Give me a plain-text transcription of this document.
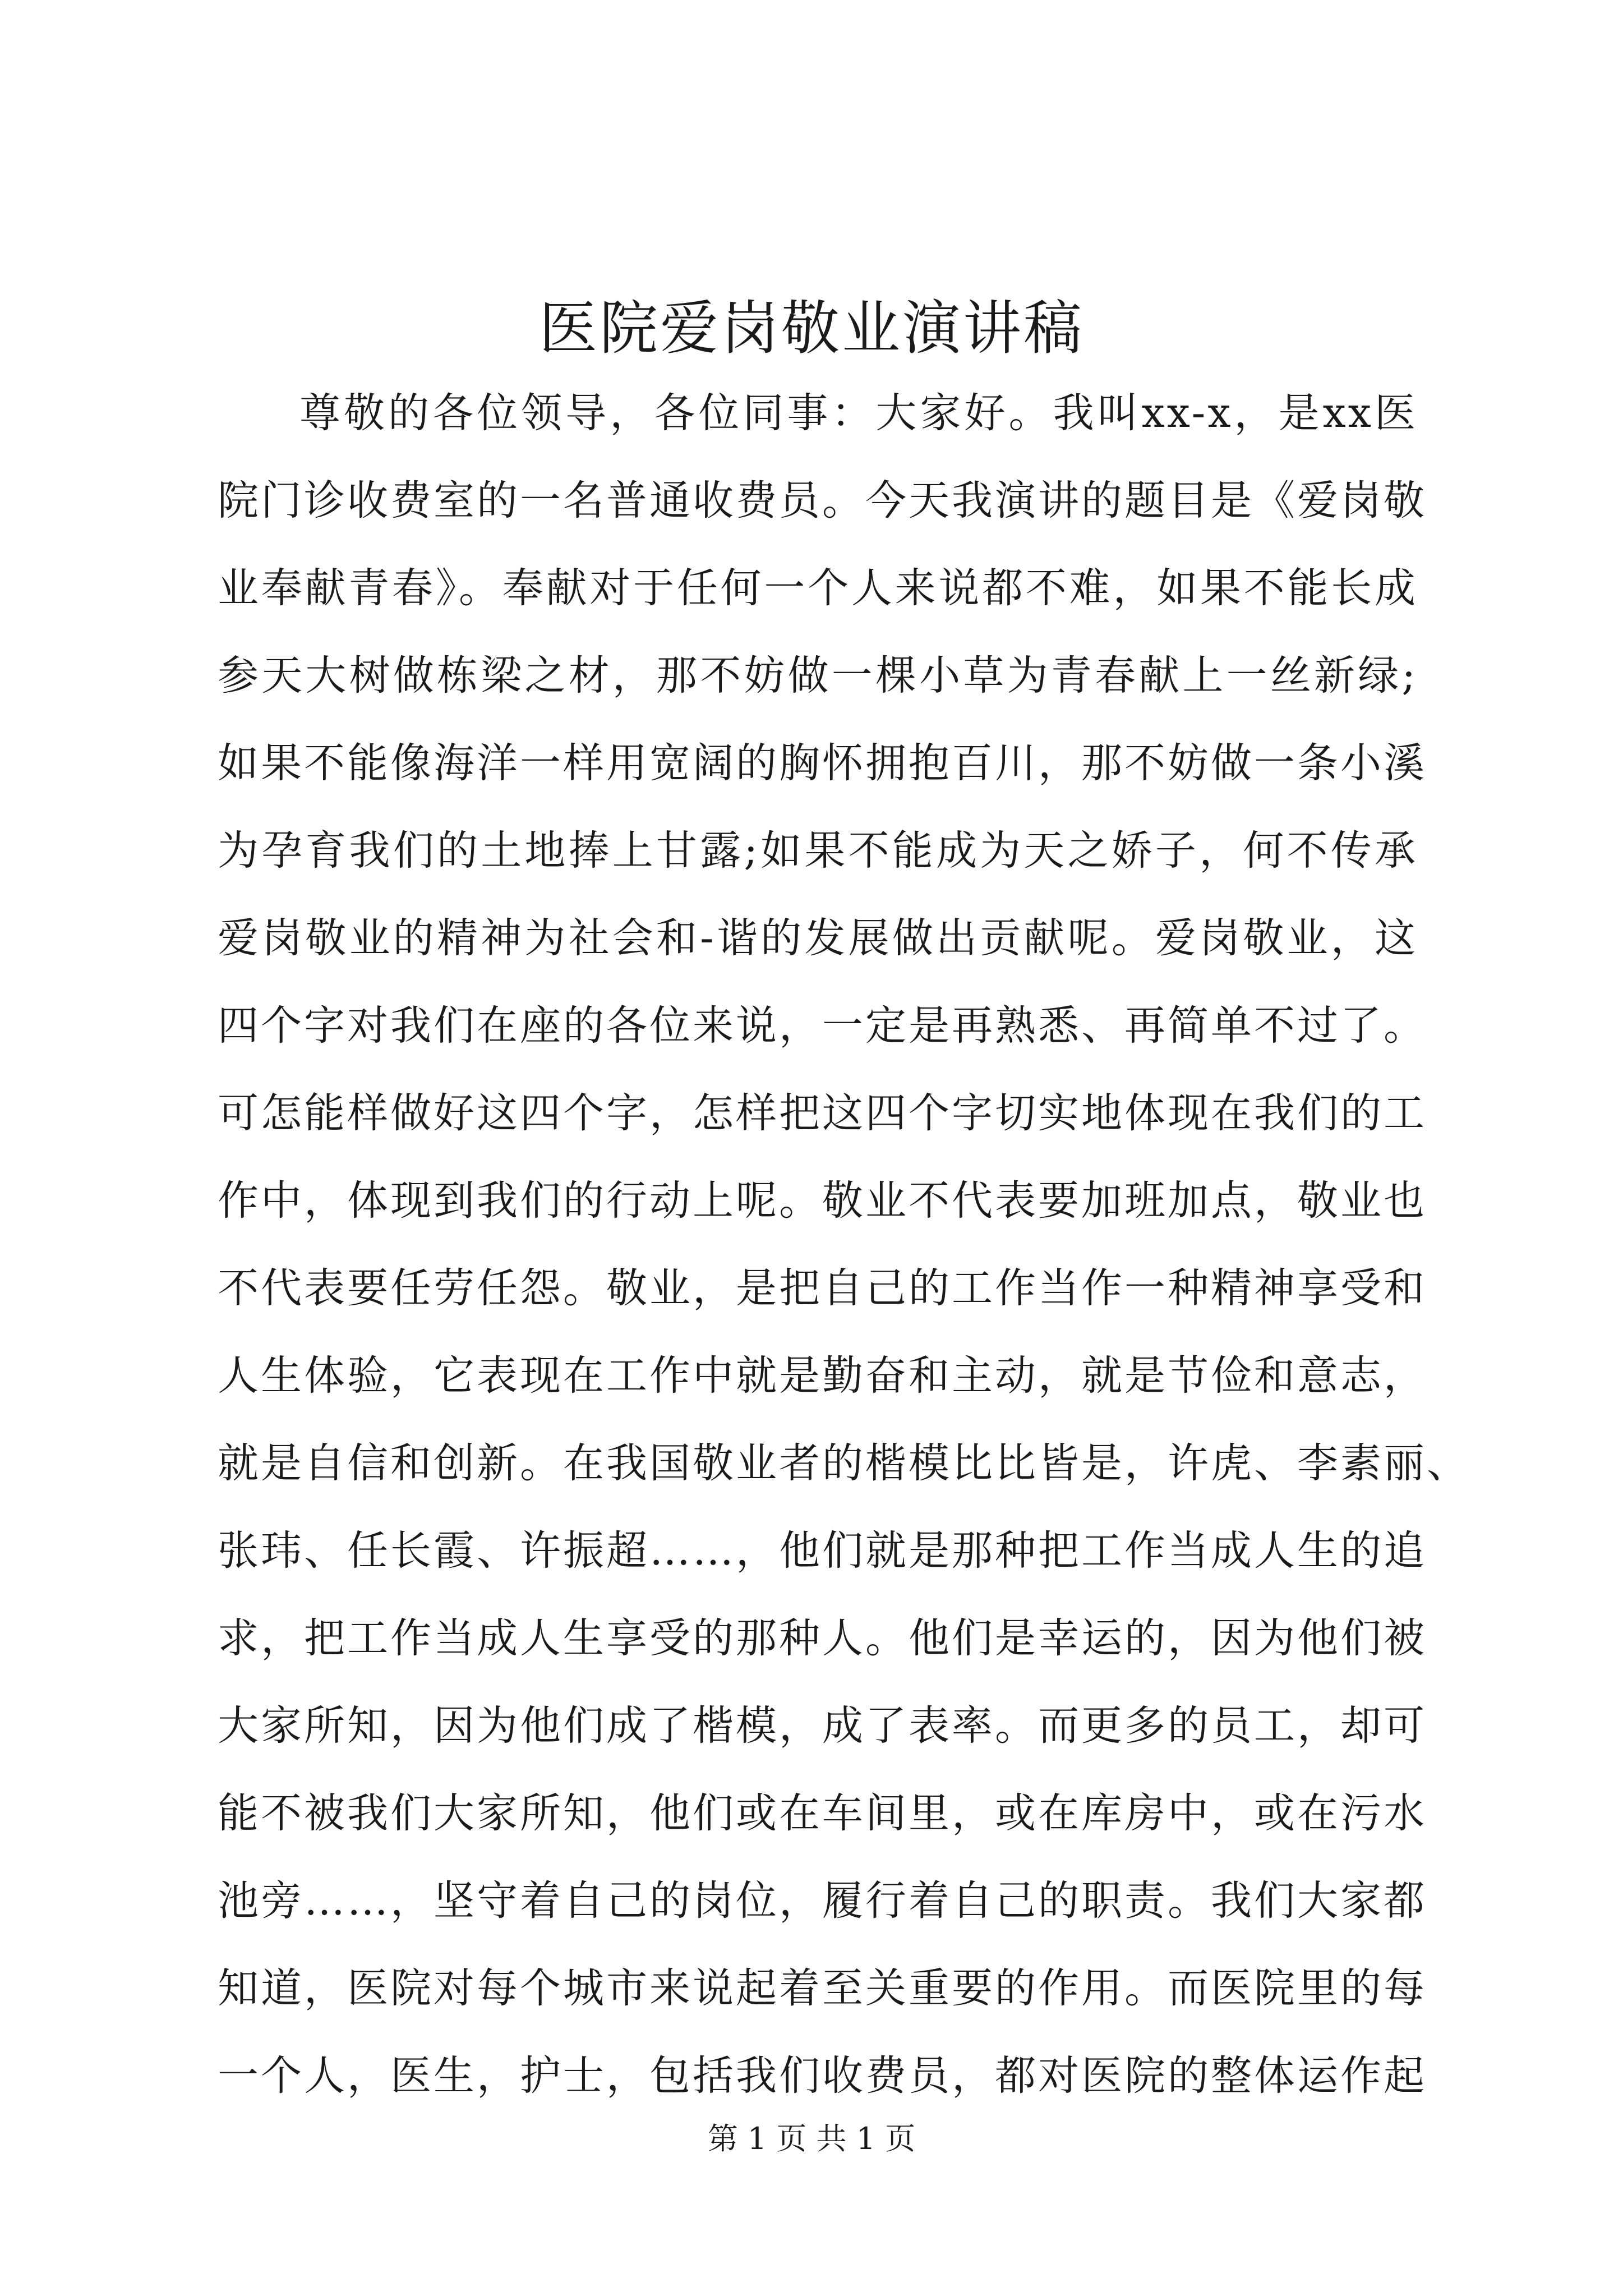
医院爱岗敬业演讲稿
尊敬的各位领导，各位同事：大家好。我叫xx-x，是xx医
院门诊收费室的一名普通收费员。今天我演讲的题目是《爱岗敬
业奉献青春》。奉献对于任何一个人来说都不难，如果不能长成
参天大树做栋梁之材，那不妨做一棵小草为青春献上一丝新绿;
如果不能像海洋一样用宽阔的胸怀拥抱百川，那不妨做一条小溪
为孕育我们的土地捧上甘露;如果不能成为天之娇子，何不传承
爱岗敬业的精神为社会和-谐的发展做出贡献呢。爱岗敬业，这
四个字对我们在座的各位来说，一定是再熟悉、再简单不过了。
可怎能样做好这四个字，怎样把这四个字切实地体现在我们的工
作中，体现到我们的行动上呢。敬业不代表要加班加点，敬业也
不代表要任劳任怨。敬业，是把自己的工作当作一种精神享受和
人生体验，它表现在工作中就是勤奋和主动，就是节俭和意志，
就是自信和创新。在我国敬业者的楷模比比皆是，许虎、李素丽、
张玮、任长霞、许振超……，他们就是那种把工作当成人生的追
求，把工作当成人生享受的那种人。他们是幸运的，因为他们被
大家所知，因为他们成了楷模，成了表率。而更多的员工，却可
能不被我们大家所知，他们或在车间里，或在库房中，或在污水
池旁……，坚守着自己的岗位，履行着自己的职责。我们大家都
知道，医院对每个城市来说起着至关重要的作用。而医院里的每
一个人，医生，护士，包括我们收费员，都对医院的整体运作起
第 1 页 共 1 页
